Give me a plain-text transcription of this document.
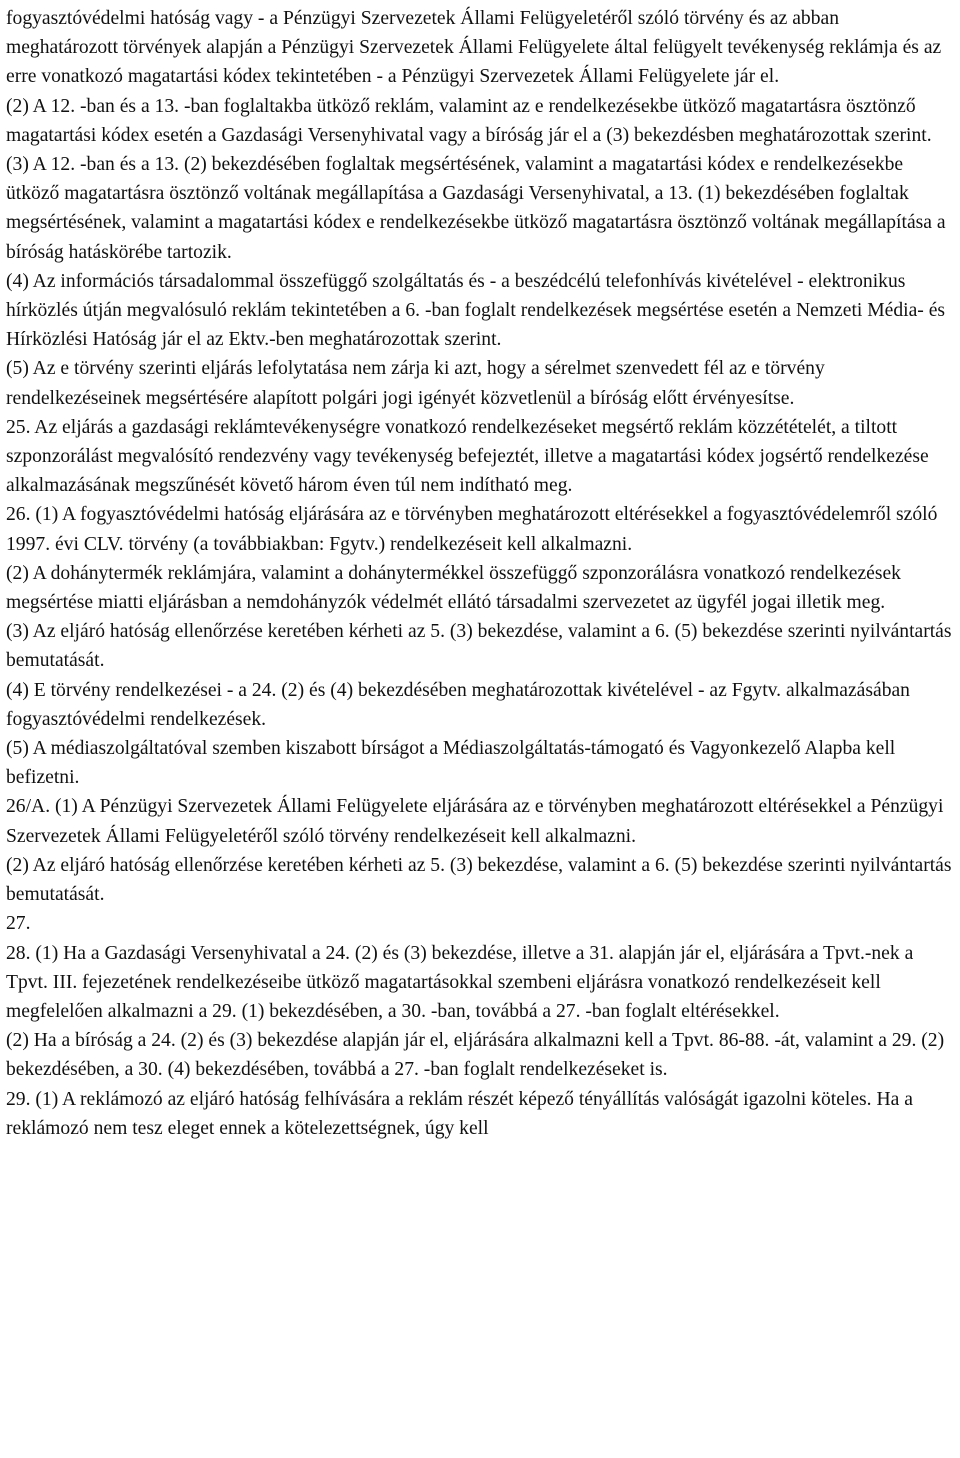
fogyasztóvédelmi hatóság vagy - a Pénzügyi Szervezetek Állami Felügyeletéről szóló törvény és az abban meghatározott törvények alapján a Pénzügyi Szervezetek Állami Felügyelete által felügyelt tevékenység reklámja és az erre vonatkozó magatartási kódex tekintetében - a Pénzügyi Szervezetek Állami Felügyelete jár el.

(2) A 12. -ban és a 13. -ban foglaltakba ütköző reklám, valamint az e rendelkezésekbe ütköző magatartásra ösztönző magatartási kódex esetén a Gazdasági Versenyhivatal vagy a bíróság jár el a (3) bekezdésben meghatározottak szerint.

(3) A 12. -ban és a 13. (2) bekezdésében foglaltak megsértésének, valamint a magatartási kódex e rendelkezésekbe ütköző magatartásra ösztönző voltának megállapítása a Gazdasági Versenyhivatal, a 13. (1) bekezdésében foglaltak megsértésének, valamint a magatartási kódex e rendelkezésekbe ütköző magatartásra ösztönző voltának megállapítása a bíróság hatáskörébe tartozik.

(4) Az információs társadalommal összefüggő szolgáltatás és - a beszédcélú telefonhívás kivételével - elektronikus hírközlés útján megvalósuló reklám tekintetében a 6. -ban foglalt rendelkezések megsértése esetén a Nemzeti Média- és Hírközlési Hatóság jár el az Ektv.-ben meghatározottak szerint.

(5) Az e törvény szerinti eljárás lefolytatása nem zárja ki azt, hogy a sérelmet szenvedett fél az e törvény rendelkezéseinek megsértésére alapított polgári jogi igényét közvetlenül a bíróság előtt érvényesítse.

25. Az eljárás a gazdasági reklámtevékenységre vonatkozó rendelkezéseket megsértő reklám közzétételét, a tiltott szponzorálást megvalósító rendezvény vagy tevékenység befejeztét, illetve a magatartási kódex jogsértő rendelkezése alkalmazásának megszűnését követő három éven túl nem indítható meg.

26. (1) A fogyasztóvédelmi hatóság eljárására az e törvényben meghatározott eltérésekkel a fogyasztóvédelemről szóló 1997. évi CLV. törvény (a továbbiakban: Fgytv.) rendelkezéseit kell alkalmazni.

(2) A dohánytermék reklámjára, valamint a dohánytermékkel összefüggő szponzorálásra vonatkozó rendelkezések megsértése miatti eljárásban a nemdohányzók védelmét ellátó társadalmi szervezetet az ügyfél jogai illetik meg.

(3) Az eljáró hatóság ellenőrzése keretében kérheti az 5. (3) bekezdése, valamint a 6. (5) bekezdése szerinti nyilvántartás bemutatását.

(4) E törvény rendelkezései - a 24. (2) és (4) bekezdésében meghatározottak kivételével - az Fgytv. alkalmazásában fogyasztóvédelmi rendelkezések.

(5) A médiaszolgáltatóval szemben kiszabott bírságot a Médiaszolgáltatás-támogató és Vagyonkezelő Alapba kell befizetni.

26/A. (1) A Pénzügyi Szervezetek Állami Felügyelete eljárására az e törvényben meghatározott eltérésekkel a Pénzügyi Szervezetek Állami Felügyeletéről szóló törvény rendelkezéseit kell alkalmazni.

(2) Az eljáró hatóság ellenőrzése keretében kérheti az 5. (3) bekezdése, valamint a 6. (5) bekezdése szerinti nyilvántartás bemutatását.

27.

28. (1) Ha a Gazdasági Versenyhivatal a 24. (2) és (3) bekezdése, illetve a 31. alapján jár el, eljárására a Tpvt.-nek a Tpvt. III. fejezetének rendelkezéseibe ütköző magatartásokkal szembeni eljárásra vonatkozó rendelkezéseit kell megfelelően alkalmazni a 29. (1) bekezdésében, a 30. -ban, továbbá a 27. -ban foglalt eltérésekkel.

(2) Ha a bíróság a 24. (2) és (3) bekezdése alapján jár el, eljárására alkalmazni kell a Tpvt. 86-88. -át, valamint a 29. (2) bekezdésében, a 30. (4) bekezdésében, továbbá a 27. -ban foglalt rendelkezéseket is.

29. (1) A reklámozó az eljáró hatóság felhívására a reklám részét képező tényállítás valóságát igazolni köteles. Ha a reklámozó nem tesz eleget ennek a kötelezettségnek, úgy kell
